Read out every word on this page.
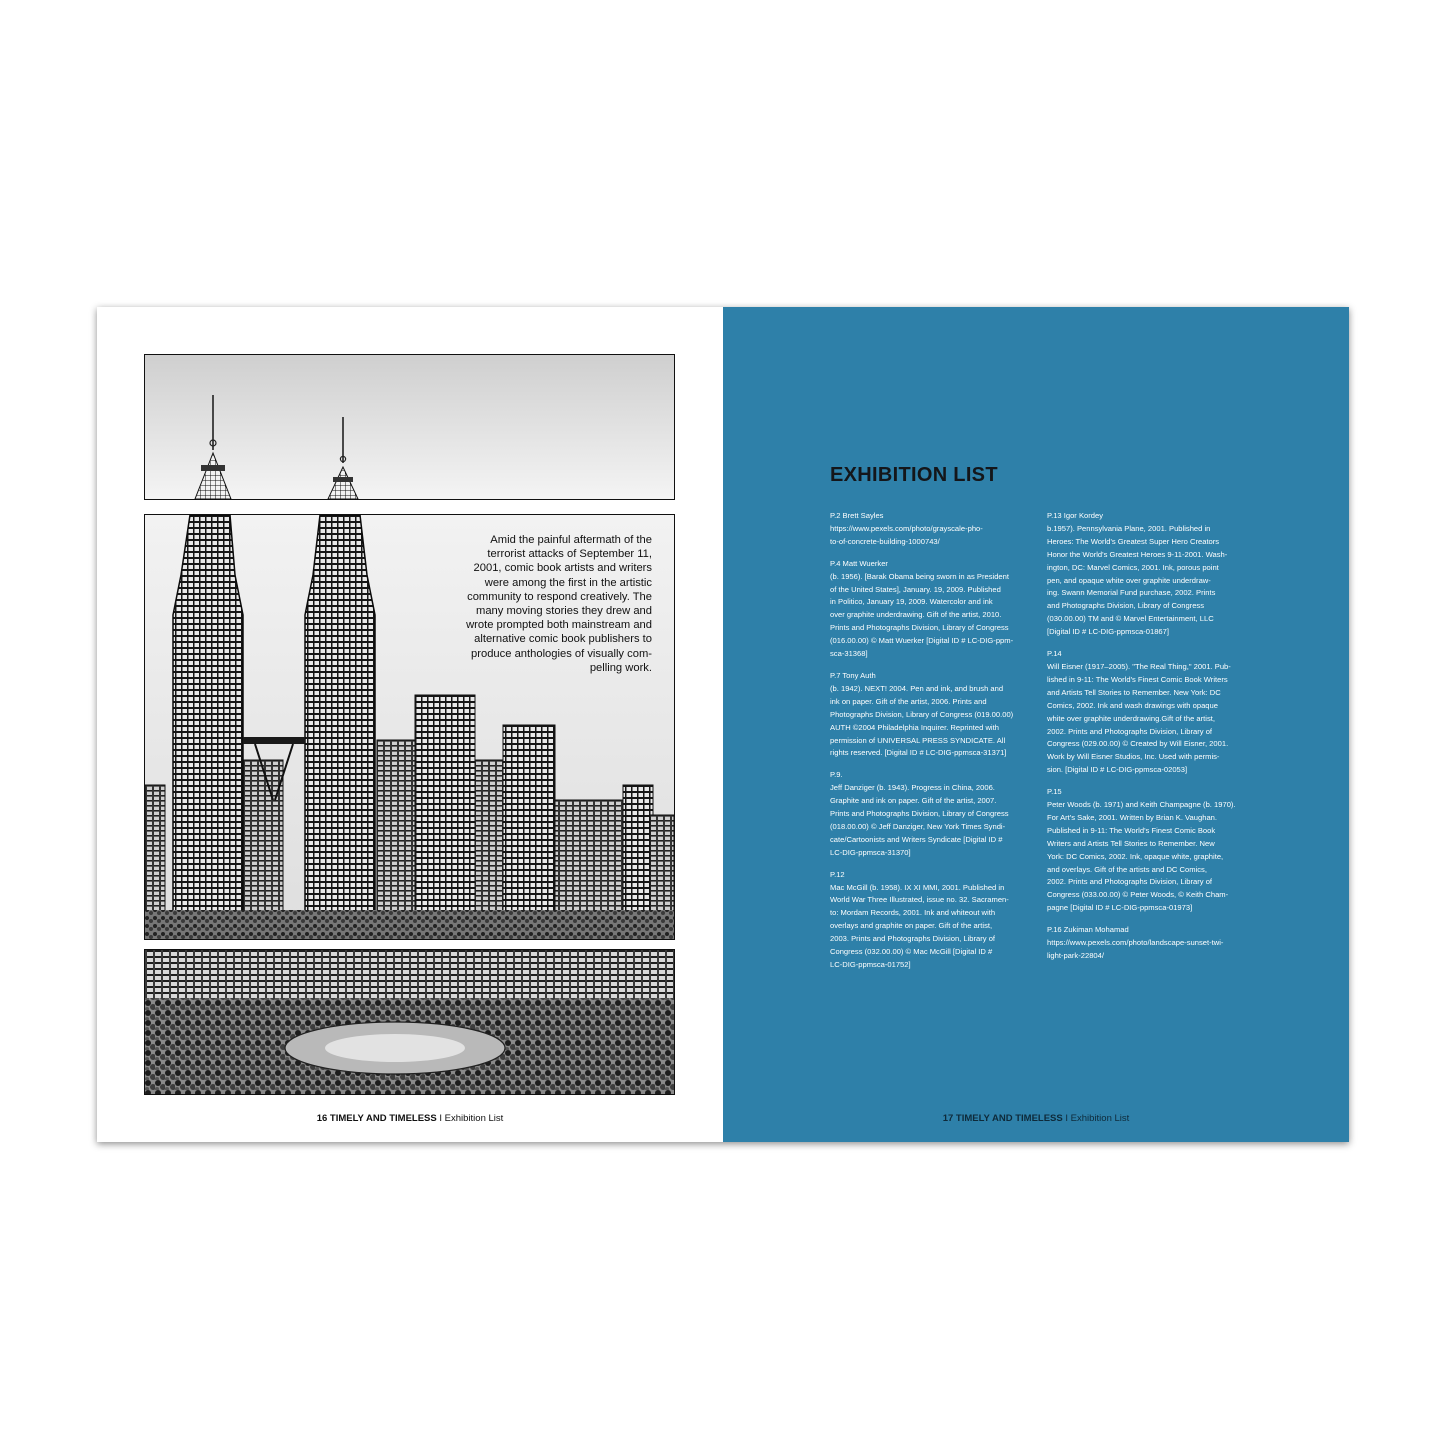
Amid the painful aftermath of the
terrorist attacks of September 11,
2001, comic book artists and writers
were among the first in the artistic
community to respond creatively. The
many moving stories they drew and
wrote prompted both mainstream and
alternative comic book publishers to
produce anthologies of visually com-
pelling work.
16 TIMELY AND TIMELESS I Exhibition List
EXHIBITION LIST
P.2 Brett Sayles
https://www.pexels.com/photo/grayscale-pho-
to-of-concrete-building-1000743/
P.4 Matt Wuerker
(b. 1956). [Barak Obama being sworn in as President
of the United States], January. 19, 2009. Published
in Politico, January 19, 2009. Watercolor and ink
over graphite underdrawing. Gift of the artist, 2010.
Prints and Photographs Division, Library of Congress
(016.00.00) © Matt Wuerker [Digital ID # LC-DIG-ppm-
sca-31368]
P.7 Tony Auth
(b. 1942). NEXT! 2004. Pen and ink, and brush and
ink on paper. Gift of the artist, 2006. Prints and
Photographs Division, Library of Congress (019.00.00)
AUTH ©2004 Philadelphia Inquirer. Reprinted with
permission of UNIVERSAL PRESS SYNDICATE. All
rights reserved. [Digital ID # LC-DIG-ppmsca-31371]
P.9.
Jeff Danziger (b. 1943). Progress in China, 2006.
Graphite and ink on paper. Gift of the artist, 2007.
Prints and Photographs Division, Library of Congress
(018.00.00) © Jeff Danziger, New York Times Syndi-
cate/Cartoonists and Writers Syndicate [Digital ID #
LC-DIG-ppmsca-31370]
P.12
Mac McGill (b. 1958). IX XI MMI, 2001. Published in
World War Three Illustrated, issue no. 32. Sacramen-
to: Mordam Records, 2001. Ink and whiteout with
overlays and graphite on paper. Gift of the artist,
2003. Prints and Photographs Division, Library of
Congress (032.00.00) © Mac McGill [Digital ID #
LC-DIG-ppmsca-01752]
P.13 Igor Kordey
b.1957). Pennsylvania Plane, 2001. Published in
Heroes: The World's Greatest Super Hero Creators
Honor the World's Greatest Heroes 9-11-2001. Wash-
ington, DC: Marvel Comics, 2001. Ink, porous point
pen, and opaque white over graphite underdraw-
ing. Swann Memorial Fund purchase, 2002. Prints
and Photographs Division, Library of Congress
(030.00.00) TM and © Marvel Entertainment, LLC
[Digital ID # LC-DIG-ppmsca-01867]
P.14
Will Eisner (1917–2005). "The Real Thing," 2001. Pub-
lished in 9-11: The World's Finest Comic Book Writers
and Artists Tell Stories to Remember. New York: DC
Comics, 2002. Ink and wash drawings with opaque
white over graphite underdrawing.Gift of the artist,
2002. Prints and Photographs Division, Library of
Congress (029.00.00) © Created by Will Eisner, 2001.
Work by Will Eisner Studios, Inc. Used with permis-
sion. [Digital ID # LC-DIG-ppmsca-02053]
P.15
Peter Woods (b. 1971) and Keith Champagne (b. 1970).
For Art's Sake, 2001. Written by Brian K. Vaughan.
Published in 9-11: The World's Finest Comic Book
Writers and Artists Tell Stories to Remember. New
York: DC Comics, 2002. Ink, opaque white, graphite,
and overlays. Gift of the artists and DC Comics,
2002. Prints and Photographs Division, Library of
Congress (033.00.00) © Peter Woods, © Keith Cham-
pagne [Digital ID # LC-DIG-ppmsca-01973]
P.16 Zukiman Mohamad
https://www.pexels.com/photo/landscape-sunset-twi-
light-park-22804/
17 TIMELY AND TIMELESS I Exhibition List
